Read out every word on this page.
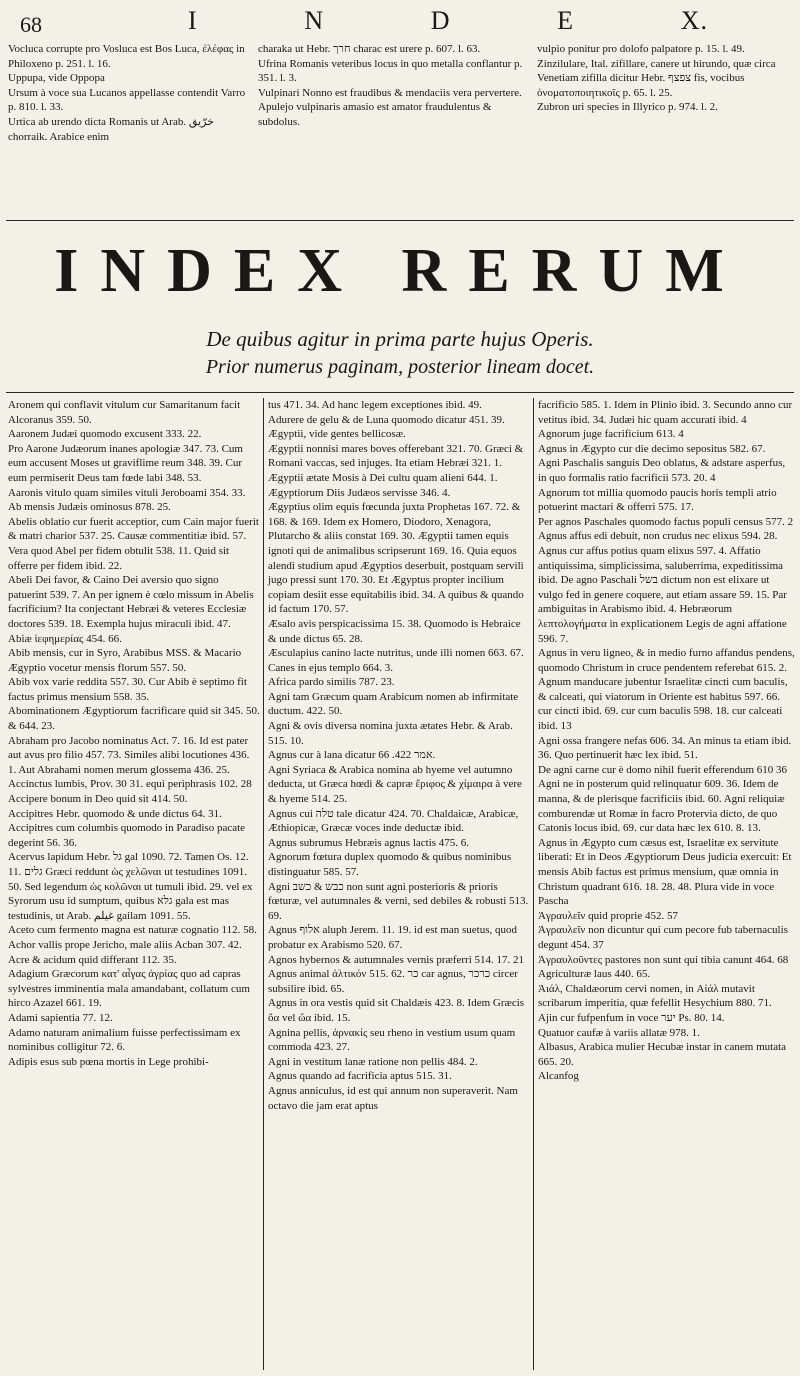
68	I	N	D	E	X.

Vocluca corrupte pro Vosluca est Bos Luca, ἐλέφας in Philoxeno p. 251. l. 16.

Uppupa, vide Oppopa

Ursum à voce sua Lucanos appellasse contendit Varro p. 810. l. 33.

Urtica ab urendo dicta Romanis ut Arab. خرّيق chorraik. Arabice enim

charaka ut Hebr. חרך charac est urere p. 607. l. 63.

Ufrina Romanis veteribus locus in quo metalla conflantur p. 351. l. 3.

Vulpinari Nonno est fraudibus & mendaciis vera pervertere. Apulejo vulpinaris amasio est amator fraudulentus & subdolus.

vulpio ponitur pro dolofo palpatore p. 15. l. 49.

Zinzilulare, Ital. zifillare, canere ut hirundo, quæ circa Venetiam zifilla dicitur Hebr. צפצף fis, vocibus ὀνοματοποιητικοῖς p. 65. l. 25.

Zubron uri species in Illyrico p. 974. l. 2.

INDEX RERUM
De quibus agitur in prima parte hujus Operis.
Prior numerus paginam, posterior lineam docet.

Aronem qui conflavit vitulum cur Samaritanum facit Alcoranus 359. 50.

Aaronem Judæi quomodo excusent 333. 22.

Pro Aarone Judæorum inanes apologiæ 347. 73. Cum eum accusent Moses ut graviflime reum 348. 39. Cur eum permiserit Deus tam fœde labi 348. 53.

Aaronis vitulo quam similes vituli Jeroboami 354. 33.

Ab mensis Judæis ominosus 878. 25.

Abelis oblatio cur fuerit acceptior, cum Cain major fuerit & matri charior 537. 25. Causæ commentitiæ ibid. 57. Vera quod Abel per fidem obtulit 538. 11. Quid sit offerre per fidem ibid. 22.

Abeli Dei favor, & Caino Dei aversio quo signo patuerint 539. 7. An per ignem è cœlo missum in Abelis facrificium? Ita conjectant Hebræi & veteres Ecclesiæ doctores 539. 18. Exempla hujus miraculi ibid. 47.

Abiæ ἱεφημερίας 454. 66.

Abib mensis, cur in Syro, Arabibus MSS. & Macario Ægyptio vocetur mensis florum 557. 50.

Abib vox varie reddita 557. 30. Cur Abib è septimo fit factus primus mensium 558. 35.

Abominationem Ægyptiorum facrificare quid sit 345. 50. & 644. 23.

Abraham pro Jacobo nominatus Act. 7. 16. Id est pater aut avus pro filio 457. 73. Similes alibi locutiones 436. 1. Aut Abrahami nomen merum glossema 436. 25.

Accinctus lumbis, Prov. 30 31. equi periphrasis 102. 28

Accipere bonum in Deo quid sit 414. 50.

Accipitres Hebr. quomodo & unde dictus 64. 31.

Accipitres cum columbis quomodo in Paradiso pacate degerint 56. 36.

Acervus lapidum Hebr. גל gal 1090. 72. Tamen Os. 12. 11. גלים Græci reddunt ὡς χελῶναι ut testudines 1091. 50. Sed legendum ὡς κολῶναι ut tumuli ibid. 29. vel ex Syrorum usu id sumptum, quibus גלא gala est mas testudinis, ut Arab. غيلم gailam 1091. 55.

Aceto cum fermento magna est naturæ cognatio 112. 58.

Achor vallis prope Jericho, male aliis Acban 307. 42.

Acre & acidum quid differant 112. 35.

Adagium Græcorum κατ' αἶγας ἀγρίας quo ad capras sylvestres imminentia mala amandabant, collatum cum hirco Azazel 661. 19.

Adami sapientia 77. 12.

Adamo naturam animalium fuisse perfectissimam ex nominibus colligitur 72. 6.

Adipis esus sub pœna mortis in Lege prohibi-

tus 471. 34. Ad hanc legem exceptiones ibid. 49.

Adurere de gelu & de Luna quomodo dicatur 451. 39.

Ægyptii, vide gentes bellicosæ.

Ægyptii nonnisi mares boves offerebant 321. 70. Græci & Romani vaccas, sed injuges. Ita etiam Hebræi 321. 1.

Ægyptii ætate Mosis à Dei cultu quam alieni 644. 1.

Ægyptiorum Diis Judæos servisse 346. 4.

Ægyptius olim equis fœcunda juxta Prophetas 167. 72. & 168. & 169. Idem ex Homero, Diodoro, Xenagora, Plutarcho & aliis constat 169. 30. Ægyptii tamen equis ignoti qui de animalibus scripserunt 169. 16. Quia equos alendi studium apud Ægyptios deserbuit, postquam servili jugo pressi sunt 170. 30. Et Ægyptus propter incilium copiam desiit esse equitabilis ibid. 34. A quibus & quando id factum 170. 57.

Æsalo avis perspicacissima 15. 38. Quomodo is Hebraice & unde dictus 65. 28.

Æsculapius canino lacte nutritus, unde illi nomen 663. 67. Canes in ejus templo 664. 3.

Africa pardo similis 787. 23.

Agni tam Græcum quam Arabicum nomen ab infirmitate ductum. 422. 50.

Agni & ovis diversa nomina juxta ætates Hebr. & Arab. 515. 10.

Agnus cur à lana dicatur אמר 422. 66.

Agni Syriaca & Arabica nomina ab hyeme vel autumno deducta, ut Græca hœdi & capræ ἔριφος & χίμαιρα à vere & hyeme 514. 25.

Agnus cui טלה tale dicatur 424. 70. Chaldaicæ, Arabicæ, Æthiopicæ, Græcæ voces inde deductæ ibid.

Agnus subrumus Hebræis agnus lactis 475. 6.

Agnorum fœtura duplex quomodo & quibus nominibus distinguatur 585. 57.

Agni כבש & כשב non sunt agni posterioris & prioris fœturæ, vel autumnales & verni, sed debiles & robusti 513. 69.

Agnus אלוף aluph Jerem. 11. 19. id est man suetus, quod probatur ex Arabismo 520. 67.

Agnos hybernos & autumnales vernis præferri 514. 17. 21

Agnus animal ἀλτικόν 515. 62. כר car agnus, כרכר circer subsilire ibid. 65.

Agnus in ora vestis quid sit Chaldæis 423. 8. Idem Græcis ὄα vel ὤα ibid. 15.

Agnina pellis, ἀρνακίς seu rheno in vestium usum quam commoda 423. 27.

Agni in vestitum lanæ ratione non pellis 484. 2.

Agnus quando ad facrificia aptus 515. 31.

Agnus anniculus, id est qui annum non superaverit. Nam octavo die jam erat aptus

facrificio 585. 1. Idem in Plinio ibid. 3. Secundo anno cur vetitus ibid. 34. Judæi hic quam accurati ibid. 4

Agnorum juge facrificium 613. 4

Agnus in Ægypto cur die decimo sepositus 582. 67.

Agni Paschalis sanguis Deo oblatus, & adstare asperfus, in quo formalis ratio facrificii 573. 20. 4

Agnorum tot millia quomodo paucis horis templi atrio potuerint mactari & offerri 575. 17.

Per agnos Paschales quomodo factus populi census 577. 2

Agnus affus edi debuit, non crudus nec elixus 594. 28.

Agnus cur affus potius quam elixus 597. 4. Affatio antiquissima, simplicissima, saluberrima, expeditissima ibid. De agno Paschali בשל dictum non est elixare ut vulgo fed in genere coquere, aut etiam assare 59. 15. Par ambiguitas in Arabismo ibid. 4. Hebræorum λεπτολογήματα in explicationem Legis de agni affatione 596. 7.

Agnus in veru ligneo, & in medio furno affandus pendens, quomodo Christum in cruce pendentem referebat 615. 2.

Agnum manducare jubentur Israelitæ cincti cum baculis, & calceati, qui viatorum in Oriente est habitus 597. 66. cur cincti ibid. 69. cur cum baculis 598. 18. cur calceati ibid. 13

Agni ossa frangere nefas 606. 34. An minus ta etiam ibid. 36. Quo pertinuerit hæc lex ibid. 51.

De agni carne cur è domo nihil fuerit efferendum 610 36

Agni ne in posterum quid relinquatur 609. 36. Idem de manna, & de plerisque facrificiis ibid. 60. Agni reliquiæ comburendæ ut Romæ in facro Protervia dicto, de quo Catonis locus ibid. 69. cur data hæc lex 610. 8. 13.

Agnus in Ægypto cum cæsus est, Israelitæ ex servitute liberati: Et in Deos Ægyptiorum Deus judicia exercuit: Et mensis Abib factus est primus mensium, quæ omnia in Christum quadrant 616. 18. 28. 48. Plura vide in voce Pascha

Ἀγραυλεῖν quid proprie 452. 57

Ἀγραυλεῖν non dicuntur qui cum pecore fub tabernaculis degunt 454. 37

Ἀγραυλοῦντες pastores non sunt qui tibia canunt 464. 68

Agriculturæ laus 440. 65.

Ἀιάλ, Chaldæorum cervi nomen, in Αἰάλ mutavit scribarum imperitia, quæ fefellit Hesychium 880. 71.

Ajin cur fufpenfum in voce יער Ps. 80. 14.

Quatuor caufæ à variis allatæ 978. 1.

Albasus, Arabica mulier Hecubæ instar in canem mutata 665. 20.

Alcanfog
